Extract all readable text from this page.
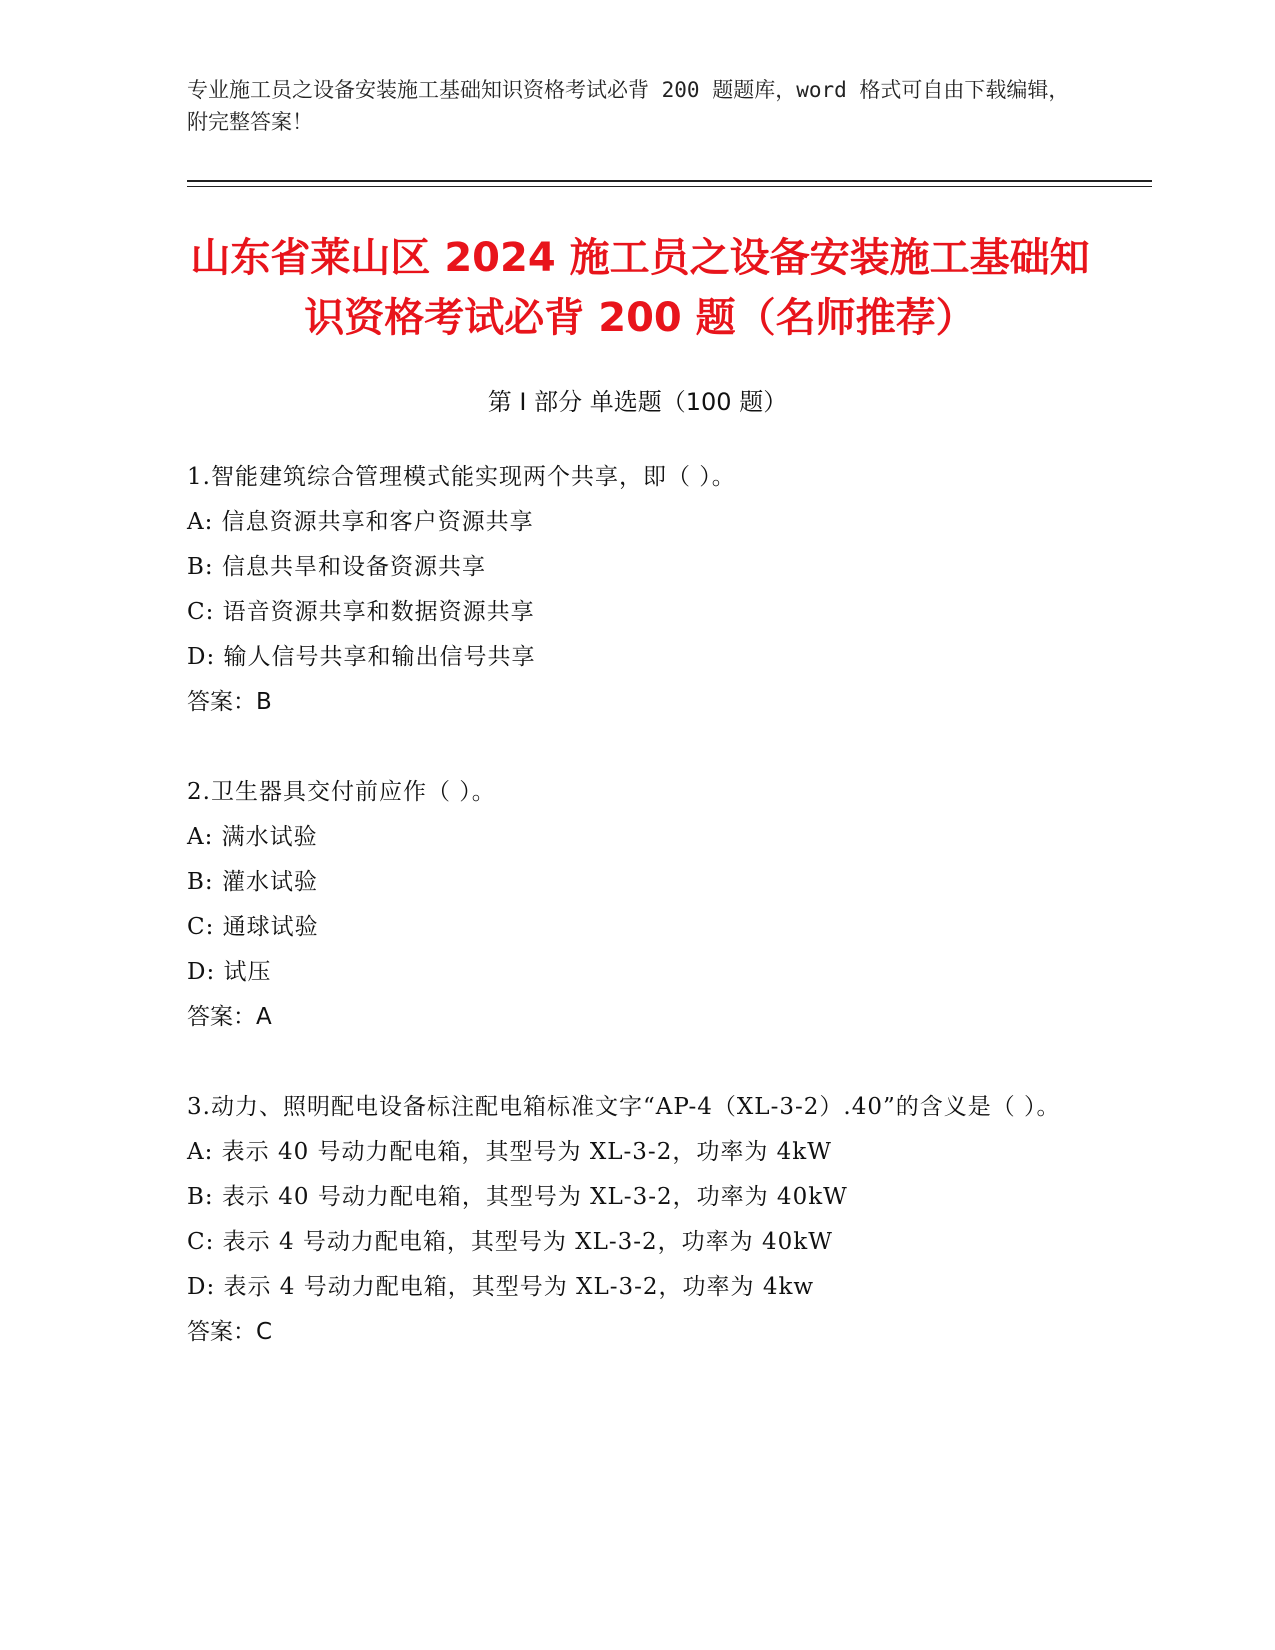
专业施工员之设备安装施工基础知识资格考试必背 200 题题库，word 格式可自由下载编辑，附完整答案！
山东省莱山区 2024 施工员之设备安装施工基础知识资格考试必背 200 题（名师推荐）
第 I 部分 单选题（100 题）

1.智能建筑综合管理模式能实现两个共享，即（ ）。

A: 信息资源共享和客户资源共享

B: 信息共旱和设备资源共享

C: 语音资源共享和数据资源共享

D: 输人信号共享和输出信号共享

答案：B

2.卫生器具交付前应作（ ）。

A: 满水试验

B: 灌水试验

C: 通球试验

D: 试压

答案：A

3.动力、照明配电设备标注配电箱标准文字“AP-4（XL-3-2）.40”的含义是（ ）。

A: 表示 40 号动力配电箱，其型号为 XL-3-2，功率为 4kW

B: 表示 40 号动力配电箱，其型号为 XL-3-2，功率为 40kW

C: 表示 4 号动力配电箱，其型号为 XL-3-2，功率为 40kW

D: 表示 4 号动力配电箱，其型号为 XL-3-2，功率为 4kw

答案：C
